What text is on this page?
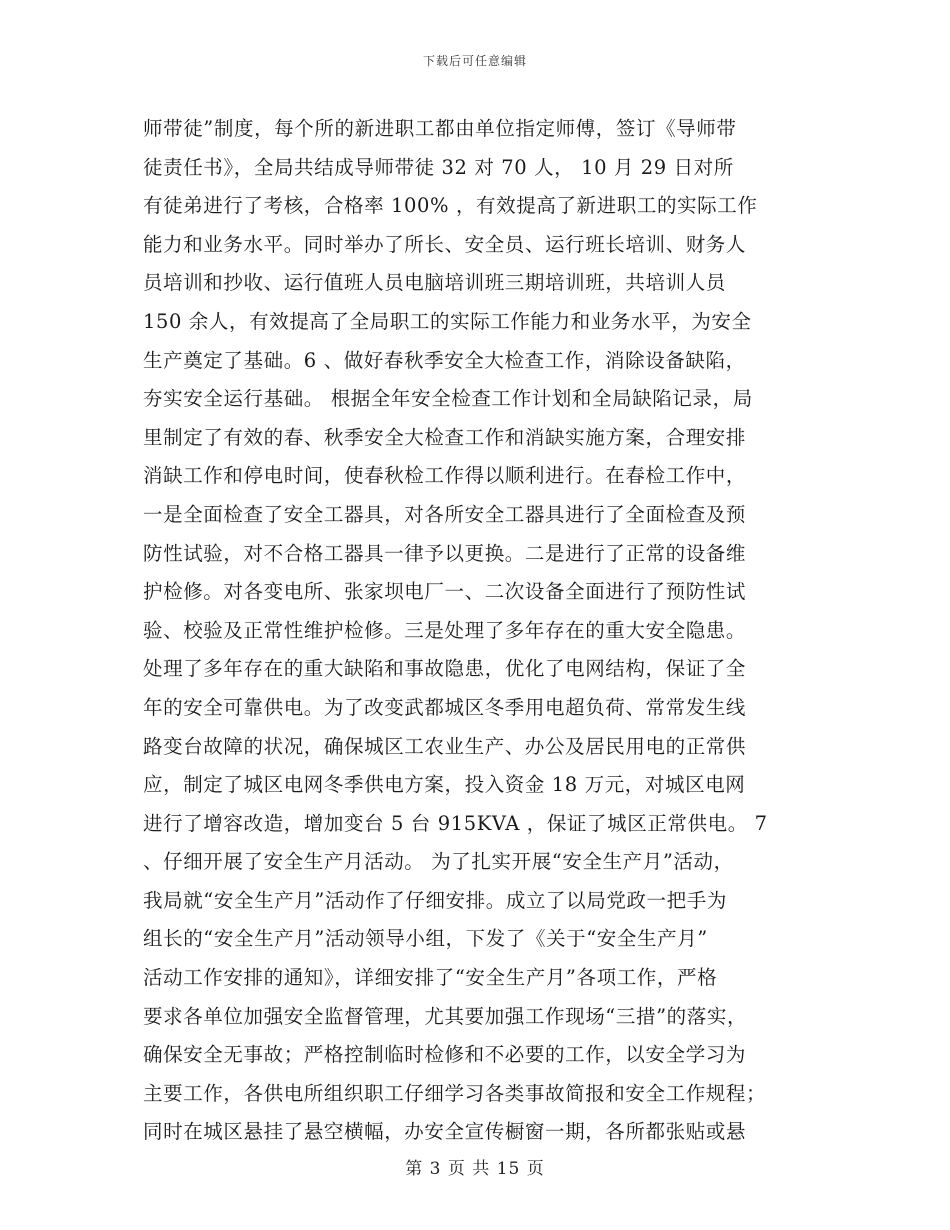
下载后可任意编辑
师带徒”制度，每个所的新进职工都由单位指定师傅，签订《导师带
徒责任书》，全局共结成导师带徒 32 对 70 人， 10 月 29 日对所
有徒弟进行了考核，合格率 100% ，有效提高了新进职工的实际工作
能力和业务水平。同时举办了所长、安全员、运行班长培训、财务人
员培训和抄收、运行值班人员电脑培训班三期培训班，共培训人员
150 余人，有效提高了全局职工的实际工作能力和业务水平，为安全
生产奠定了基础。6 、做好春秋季安全大检查工作，消除设备缺陷，
夯实安全运行基础。 根据全年安全检查工作计划和全局缺陷记录，局
里制定了有效的春、秋季安全大检查工作和消缺实施方案，合理安排
消缺工作和停电时间，使春秋检工作得以顺利进行。在春检工作中，
一是全面检查了安全工器具，对各所安全工器具进行了全面检查及预
防性试验，对不合格工器具一律予以更换。二是进行了正常的设备维
护检修。对各变电所、张家坝电厂一、二次设备全面进行了预防性试
验、校验及正常性维护检修。三是处理了多年存在的重大安全隐患。
处理了多年存在的重大缺陷和事故隐患，优化了电网结构，保证了全
年的安全可靠供电。为了改变武都城区冬季用电超负荷、常常发生线
路变台故障的状况，确保城区工农业生产、办公及居民用电的正常供
应，制定了城区电网冬季供电方案，投入资金 18 万元，对城区电网
进行了增容改造，增加变台 5 台 915KVA ，保证了城区正常供电。 7
、仔细开展了安全生产月活动。 为了扎实开展“安全生产月”活动，
我局就“安全生产月”活动作了仔细安排。成立了以局党政一把手为
组长的“安全生产月”活动领导小组，下发了《关于“安全生产月”
活动工作安排的通知》，详细安排了“安全生产月”各项工作，严格
要求各单位加强安全监督管理，尤其要加强工作现场“三措”的落实，
确保安全无事故；严格控制临时检修和不必要的工作，以安全学习为
主要工作，各供电所组织职工仔细学习各类事故简报和安全工作规程；
同时在城区悬挂了悬空横幅，办安全宣传橱窗一期，各所都张贴或悬
第 3 页 共 15 页
